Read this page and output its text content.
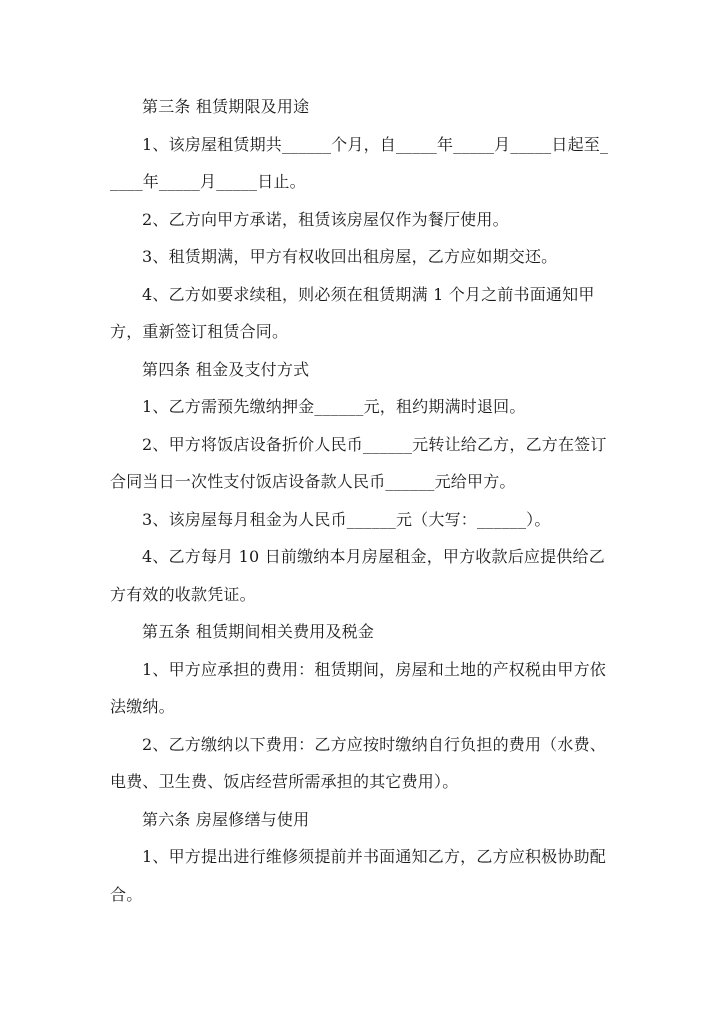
第三条 租赁期限及用途

1、该房屋租赁期共______个月，自_____年_____月_____日起至_____年_____月_____日止。

2、乙方向甲方承诺，租赁该房屋仅作为餐厅使用。

3、租赁期满，甲方有权收回出租房屋，乙方应如期交还。

4、乙方如要求续租，则必须在租赁期满 1 个月之前书面通知甲方，重新签订租赁合同。

第四条 租金及支付方式

1、乙方需预先缴纳押金______元，租约期满时退回。

2、甲方将饭店设备折价人民币______元转让给乙方，乙方在签订合同当日一次性支付饭店设备款人民币______元给甲方。

3、该房屋每月租金为人民币______元（大写：______）。

4、乙方每月 10 日前缴纳本月房屋租金，甲方收款后应提供给乙方有效的收款凭证。

第五条 租赁期间相关费用及税金

1、甲方应承担的费用：租赁期间，房屋和土地的产权税由甲方依法缴纳。

2、乙方缴纳以下费用：乙方应按时缴纳自行负担的费用（水费、电费、卫生费、饭店经营所需承担的其它费用）。

第六条 房屋修缮与使用

1、甲方提出进行维修须提前并书面通知乙方，乙方应积极协助配合。
